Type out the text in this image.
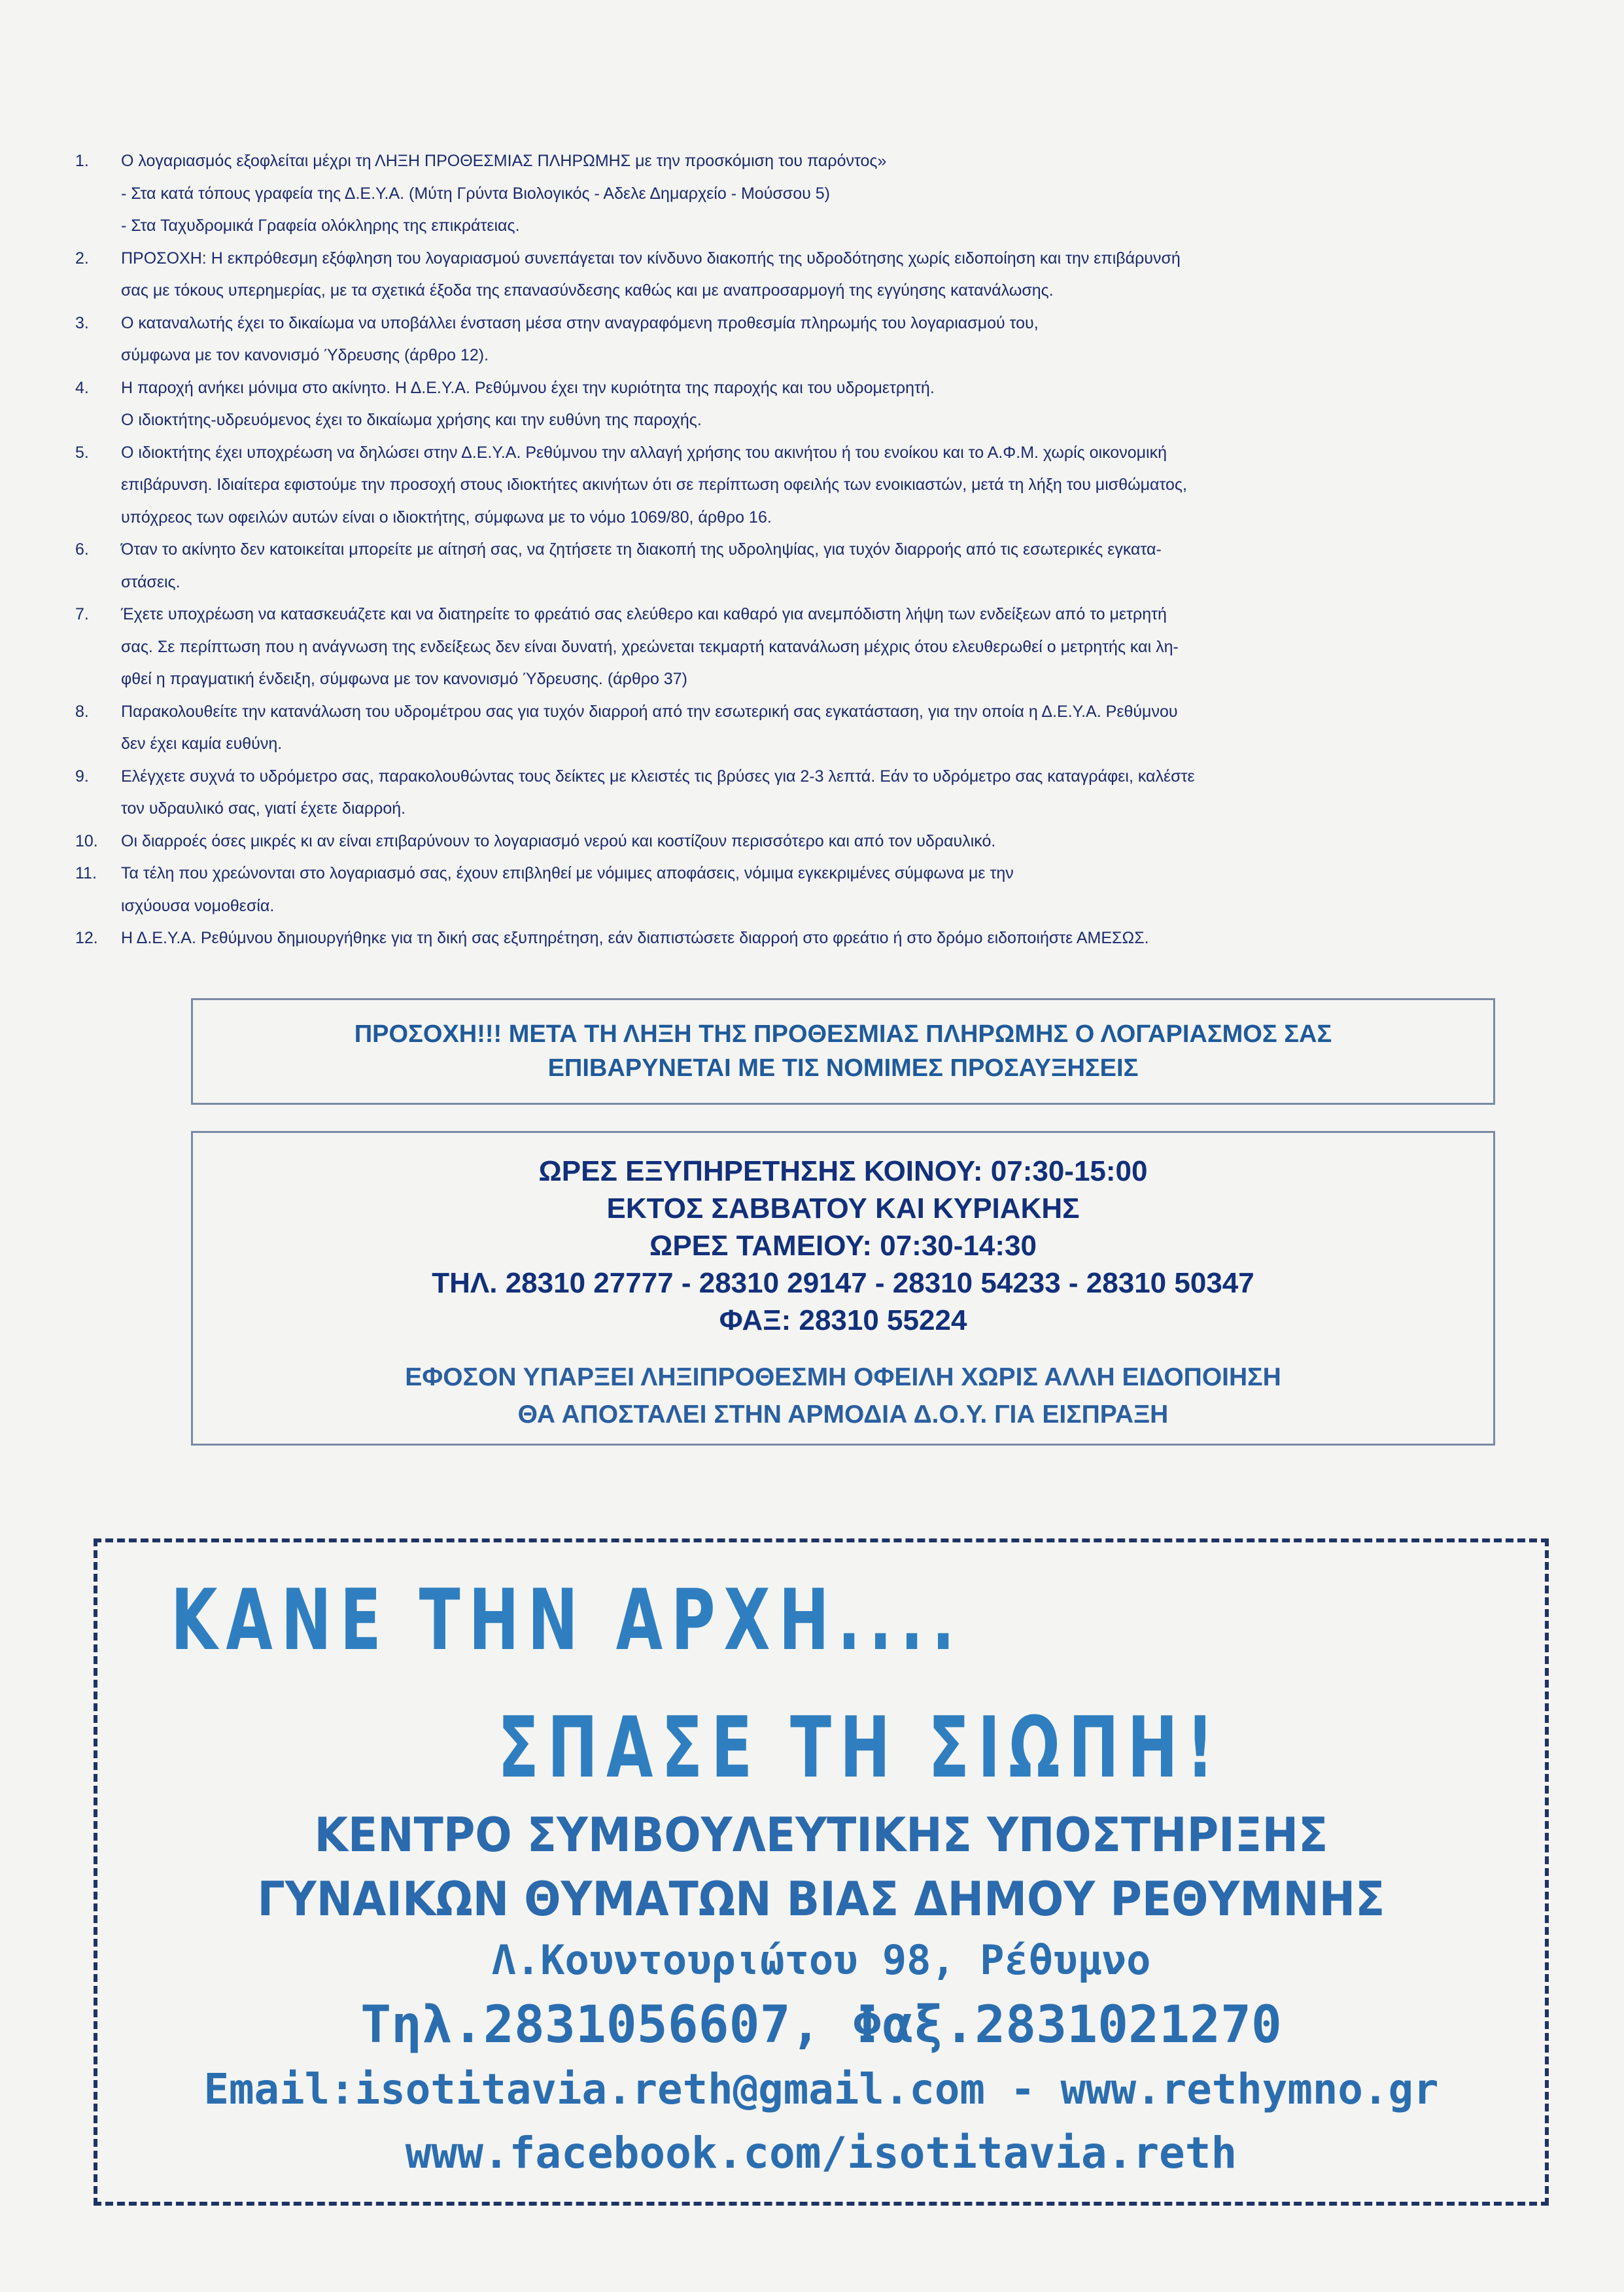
1.	Ο λογαριασμός εξοφλείται μέχρι τη ΛΗΞΗ ΠΡΟΘΕΣΜΙΑΣ ΠΛΗΡΩΜΗΣ με την προσκόμιση του παρόντος»
- Στα κατά τόπους γραφεία της Δ.Ε.Υ.Α. (Μύτη Γρύντα Βιολογικός - Αδελε Δημαρχείο - Μούσσου 5)
- Στα Ταχυδρομικά Γραφεία ολόκληρης της επικράτειας.
2.	ΠΡΟΣΟΧΗ: Η εκπρόθεσμη εξόφληση του λογαριασμού συνεπάγεται τον κίνδυνο διακοπής της υδροδότησης χωρίς ειδοποίηση και την επιβάρυνσή
σας με τόκους υπερημερίας, με τα σχετικά έξοδα της επανασύνδεσης καθώς και με αναπροσαρμογή της εγγύησης κατανάλωσης.
3.	Ο καταναλωτής έχει το δικαίωμα να υποβάλλει ένσταση μέσα στην αναγραφόμενη προθεσμία πληρωμής του λογαριασμού του,
σύμφωνα με τον κανονισμό Ύδρευσης (άρθρο 12).
4.	Η παροχή ανήκει μόνιμα στο ακίνητο. Η Δ.Ε.Υ.Α. Ρεθύμνου έχει την κυριότητα της παροχής και του υδρομετρητή.
Ο ιδιοκτήτης-υδρευόμενος έχει το δικαίωμα χρήσης και την ευθύνη της παροχής.
5.	Ο ιδιοκτήτης έχει υποχρέωση να δηλώσει στην Δ.Ε.Υ.Α. Ρεθύμνου την αλλαγή χρήσης του ακινήτου ή του ενοίκου και το Α.Φ.Μ. χωρίς οικονομική
επιβάρυνση. Ιδιαίτερα εφιστούμε την προσοχή στους ιδιοκτήτες ακινήτων ότι σε περίπτωση οφειλής των ενοικιαστών, μετά τη λήξη του μισθώματος,
υπόχρεος των οφειλών αυτών είναι ο ιδιοκτήτης, σύμφωνα με το νόμο 1069/80, άρθρο 16.
6.	Όταν το ακίνητο δεν κατοικείται μπορείτε με αίτησή σας, να ζητήσετε τη διακοπή της υδροληψίας, για τυχόν διαρροής από τις εσωτερικές εγκατα-
στάσεις.
7.	Έχετε υποχρέωση να κατασκευάζετε και να διατηρείτε το φρεάτιό σας ελεύθερο και καθαρό για ανεμπόδιστη λήψη των ενδείξεων από το μετρητή
σας. Σε περίπτωση που η ανάγνωση της ενδείξεως δεν είναι δυνατή, χρεώνεται τεκμαρτή κατανάλωση μέχρις ότου ελευθερωθεί ο μετρητής και λη-
φθεί η πραγματική ένδειξη, σύμφωνα με τον κανονισμό Ύδρευσης. (άρθρο 37)
8.	Παρακολουθείτε την κατανάλωση του υδρομέτρου σας για τυχόν διαρροή από την εσωτερική σας εγκατάσταση, για την οποία η Δ.Ε.Υ.Α. Ρεθύμνου
δεν έχει καμία ευθύνη.
9.	Ελέγχετε συχνά το υδρόμετρο σας, παρακολουθώντας τους δείκτες με κλειστές τις βρύσες για 2-3 λεπτά. Εάν το υδρόμετρο σας καταγράφει, καλέστε
τον υδραυλικό σας, γιατί έχετε διαρροή.
10.	Οι διαρροές όσες μικρές κι αν είναι επιβαρύνουν το λογαριασμό νερού και κοστίζουν περισσότερο και από τον υδραυλικό.
11.	Τα τέλη που χρεώνονται στο λογαριασμό σας, έχουν επιβληθεί με νόμιμες αποφάσεις, νόμιμα εγκεκριμένες σύμφωνα με την
ισχύουσα νομοθεσία.
12.	Η Δ.Ε.Υ.Α. Ρεθύμνου δημιουργήθηκε για τη δική σας εξυπηρέτηση, εάν διαπιστώσετε διαρροή στο φρεάτιο ή στο δρόμο ειδοποιήστε ΑΜΕΣΩΣ.
ΠΡΟΣΟΧΗ!!! ΜΕΤΑ ΤΗ ΛΗΞΗ ΤΗΣ ΠΡΟΘΕΣΜΙΑΣ ΠΛΗΡΩΜΗΣ Ο ΛΟΓΑΡΙΑΣΜΟΣ ΣΑΣ
ΕΠΙΒΑΡΥΝΕΤΑΙ ΜΕ ΤΙΣ ΝΟΜΙΜΕΣ ΠΡΟΣΑΥΞΗΣΕΙΣ
ΩΡΕΣ ΕΞΥΠΗΡΕΤΗΣΗΣ ΚΟΙΝΟΥ: 07:30-15:00
ΕΚΤΟΣ ΣΑΒΒΑΤΟΥ ΚΑΙ ΚΥΡΙΑΚΗΣ
ΩΡΕΣ ΤΑΜΕΙΟΥ: 07:30-14:30
ΤΗΛ. 28310 27777 - 28310 29147 - 28310 54233 - 28310 50347
ΦΑΞ: 28310 55224
ΕΦΟΣΟΝ ΥΠΑΡΞΕΙ ΛΗΞΙΠΡΟΘΕΣΜΗ ΟΦΕΙΛΗ ΧΩΡΙΣ ΑΛΛΗ ΕΙΔΟΠΟΙΗΣΗ
ΘΑ ΑΠΟΣΤΑΛΕΙ ΣΤΗΝ ΑΡΜΟΔΙΑ Δ.Ο.Υ. ΓΙΑ ΕΙΣΠΡΑΞΗ
ΚΑΝΕ ΤΗΝ ΑΡΧΗ....
ΣΠΑΣΕ ΤΗ ΣΙΩΠΗ!
ΚΕΝΤΡΟ ΣΥΜΒΟΥΛΕΥΤΙΚΗΣ ΥΠΟΣΤΗΡΙΞΗΣ
ΓΥΝΑΙΚΩΝ ΘΥΜΑΤΩΝ ΒΙΑΣ ΔΗΜΟΥ ΡΕΘΥΜΝΗΣ
Λ.Κουντουριώτου 98, Ρέθυμνο
Τηλ.2831056607, Φαξ.2831021270
Email:isotitavia.reth@gmail.com - www.rethymno.gr
www.facebook.com/isotitavia.reth
